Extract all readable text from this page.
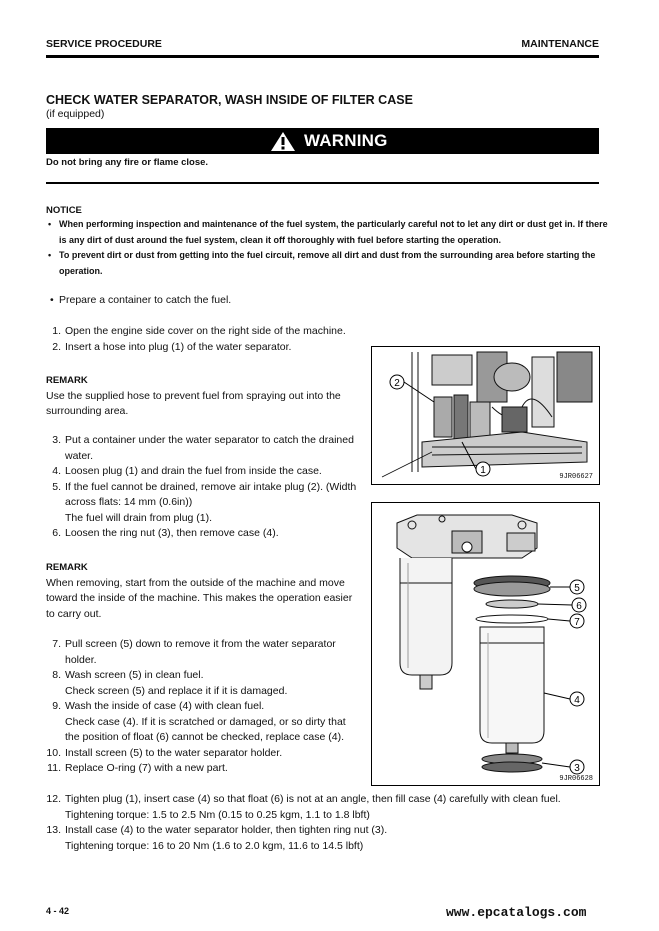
SERVICE PROCEDURE	MAINTENANCE
CHECK WATER SEPARATOR, WASH INSIDE OF FILTER CASE
(if equipped)
WARNING
Do not bring any fire or flame close.
NOTICE
• When performing inspection and maintenance of the fuel system, the particularly careful not to let any dirt or dust get in. If there
is any dirt of dust around the fuel system, clean it off thoroughly with fuel before starting the operation.
• To prevent dirt or dust from getting into the fuel circuit, remove all dirt and dust from the surrounding area before starting the
operation.
• Prepare a container to catch the fuel.
1. Open the engine side cover on the right side of the machine.
2. Insert a hose into plug (1) of the water separator.
REMARK
Use the supplied hose to prevent fuel from spraying out into the
surrounding area.
3. Put a container under the water separator to catch the drained
water.
4. Loosen plug (1) and drain the fuel from inside the case.
5. If the fuel cannot be drained, remove air intake plug (2). (Width
across flats: 14 mm (0.6in))
The fuel will drain from plug (1).
6. Loosen the ring nut (3), then remove case (4).
REMARK
When removing, start from the outside of the machine and move
toward the inside of the machine. This makes the operation easier
to carry out.
7. Pull screen (5) down to remove it from the water separator
holder.
8. Wash screen (5) in clean fuel.
Check screen (5) and replace it if it is damaged.
9. Wash the inside of case (4) with clean fuel.
Check case (4). If it is scratched or damaged, or so dirty that
the position of float (6) cannot be checked, replace case (4).
10. Install screen (5) to the water separator holder.
11. Replace O-ring (7) with a new part.
12. Tighten plug (1), insert case (4) so that float (6) is not at an angle, then fill case (4) carefully with clean fuel.
Tightening torque: 1.5 to 2.5 Nm (0.15 to 0.25 kgm, 1.1 to 1.8 lbft)
13. Install case (4) to the water separator holder, then tighten ring nut (3).
Tightening torque: 16 to 20 Nm (1.6 to 2.0 kgm, 11.6 to 14.5 lbft)
2
1
9JR06627
5
6
7
4
3
9JR06628
4 - 42	www.epcatalogs.com
